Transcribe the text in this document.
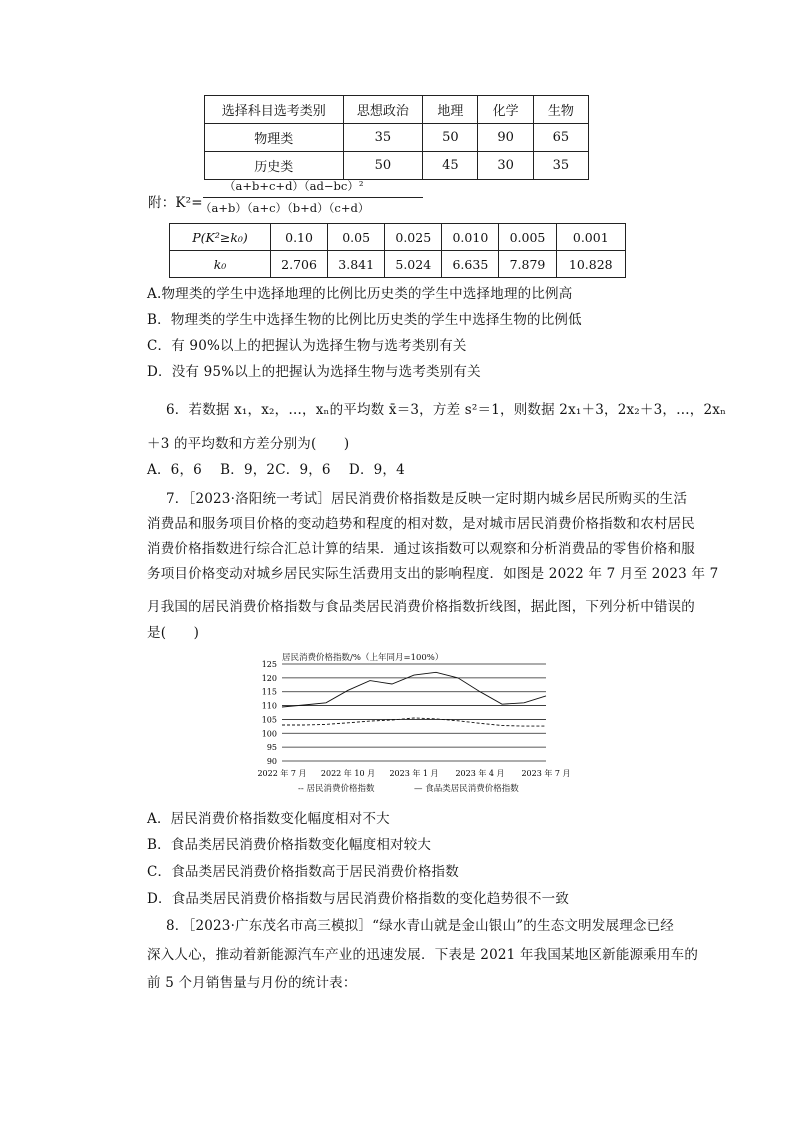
选择科目选考类别	思想政治	地理	化学	生物
物理类	35	50	90	65
历史类	50	45	30	35
附：K²=
（a+b+c+d）（ad−bc）²
（a+b）（a+c）（b+d）（c+d）
P(K²≥k₀)	0.10	0.05	0.025	0.010	0.005	0.001
k₀	2.706	3.841	5.024	6.635	7.879	10.828
A.物理类的学生中选择地理的比例比历史类的学生中选择地理的比例高
B．物理类的学生中选择生物的比例比历史类的学生中选择生物的比例低
C．有 90%以上的把握认为选择生物与选考类别有关
D．没有 95%以上的把握认为选择生物与选考类别有关
6．若数据 x₁，x₂，…，xₙ的平均数 x̄＝3，方差 s²＝1，则数据 2x₁＋3，2x₂＋3，…，2xₙ
＋3 的平均数和方差分别为(　　)
A．6，6　 B．9，2C．9，6　 D．9，4
7．［2023·洛阳统一考试］居民消费价格指数是反映一定时期内城乡居民所购买的生活
消费品和服务项目价格的变动趋势和程度的相对数，是对城市居民消费价格指数和农村居民
消费价格指数进行综合汇总计算的结果．通过该指数可以观察和分析消费品的零售价格和服
务项目价格变动对城乡居民实际生活费用支出的影响程度．如图是 2022 年 7 月至 2023 年 7
月我国的居民消费价格指数与食品类居民消费价格指数折线图，据此图，下列分析中错误的
是(　　)
居民消费价格指数/%（上年同月=100%）
125
120
115
110
105
100
95
90
2022 年 7 月 2022 年 10 月 2023 年 1 月 2023 年 4 月 2023 年 7 月
-- 居民消费价格指数	— 食品类居民消费价格指数
A．居民消费价格指数变化幅度相对不大
B．食品类居民消费价格指数变化幅度相对较大
C．食品类居民消费价格指数高于居民消费价格指数
D．食品类居民消费价格指数与居民消费价格指数的变化趋势很不一致
8．［2023·广东茂名市高三模拟］“绿水青山就是金山银山”的生态文明发展理念已经
深入人心，推动着新能源汽车产业的迅速发展．下表是 2021 年我国某地区新能源乘用车的
前 5 个月销售量与月份的统计表：
